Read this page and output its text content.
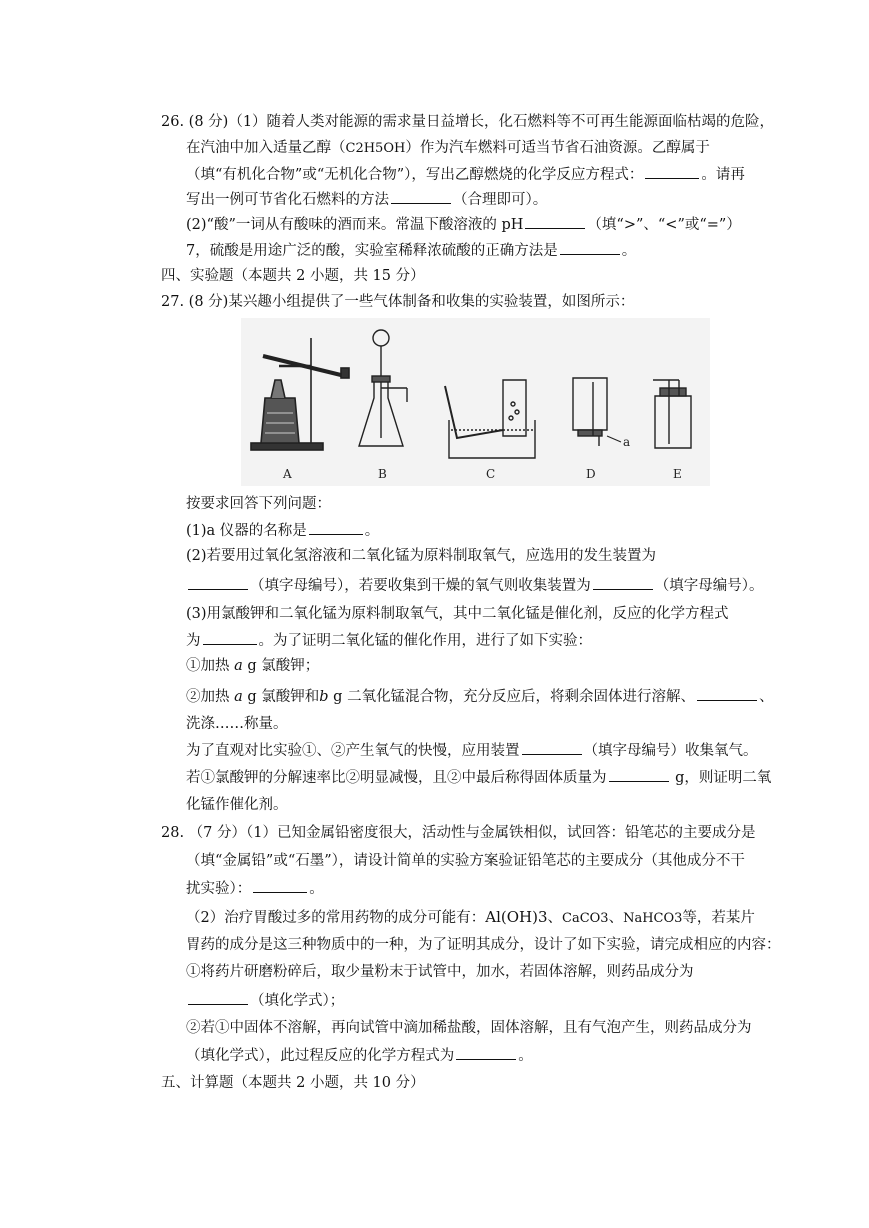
26. (8 分)（1）随着人类对能源的需求量日益增长，化石燃料等不可再生能源面临枯竭的危险，
在汽油中加入适量乙醇（C2H5OH）作为汽车燃料可适当节省石油资源。乙醇属于
（填“有机化合物”或“无机化合物”），写出乙醇燃烧的化学反应方程式：	。请再
写出一例可节省化石燃料的方法	（合理即可）。
(2)“酸”一词从有酸味的酒而来。常温下酸溶液的 pH	（填“>”、“<”或“=”）
7，硫酸是用途广泛的酸，实验室稀释浓硫酸的正确方法是	。
四、实验题（本题共 2 小题，共 15 分）
27. (8 分)某兴趣小组提供了一些气体制备和收集的实验装置，如图所示：
A	B	C	D	E
a
按要求回答下列问题：
(1)a 仪器的名称是	。
(2)若要用过氧化氢溶液和二氧化锰为原料制取氧气，应选用的发生装置为
（填字母编号），若要收集到干燥的氧气则收集装置为	（填字母编号）。
(3)用氯酸钾和二氧化锰为原料制取氧气，其中二氧化锰是催化剂，反应的化学方程式
为	。为了证明二氧化锰的催化作用，进行了如下实验：
①加热 a g 氯酸钾；
②加热 a g 氯酸钾和b g 二氧化锰混合物，充分反应后，将剩余固体进行溶解、	、
洗涤……称量。
为了直观对比实验①、②产生氧气的快慢，应用装置	（填字母编号）收集氧气。
若①氯酸钾的分解速率比②明显减慢，且②中最后称得固体质量为	g，则证明二氧
化锰作催化剂。
28. （7 分）（1）已知金属铅密度很大，活动性与金属铁相似，试回答：铅笔芯的主要成分是
（填“金属铅”或“石墨”），请设计简单的实验方案验证铅笔芯的主要成分（其他成分不干
扰实验）：	。
（2）治疗胃酸过多的常用药物的成分可能有：Al(OH)3、CaCO3、NaHCO3等，若某片
胃药的成分是这三种物质中的一种，为了证明其成分，设计了如下实验，请完成相应的内容：
①将药片研磨粉碎后，取少量粉末于试管中，加水，若固体溶解，则药品成分为
（填化学式）；
②若①中固体不溶解，再向试管中滴加稀盐酸，固体溶解，且有气泡产生，则药品成分为
（填化学式），此过程反应的化学方程式为	。
五、计算题（本题共 2 小题，共 10 分）
